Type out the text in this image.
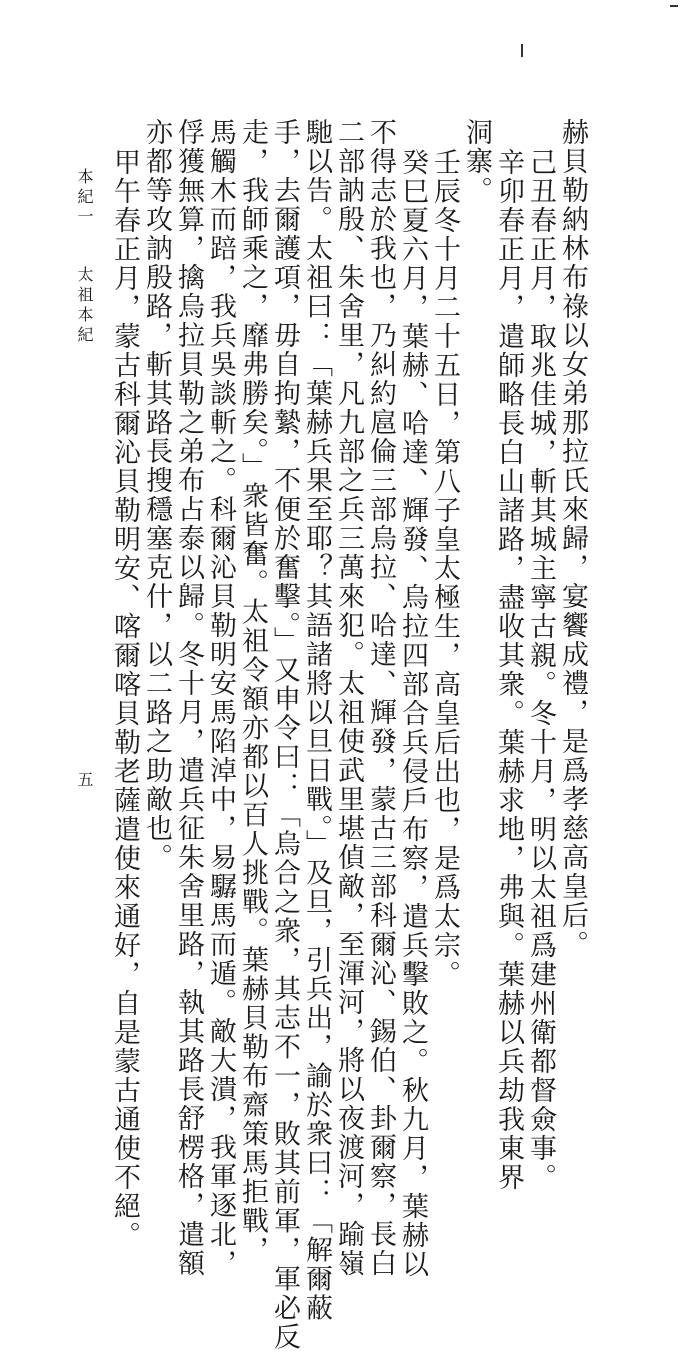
赫貝勒納林布祿以女弟那拉氏來歸，宴饗成禮，是爲孝慈高皇后。
己丑春正月，取兆佳城，斬其城主寧古親。冬十月，明以太祖爲建州衛都督僉事。
辛卯春正月，遣師略長白山諸路，盡收其衆。葉赫求地，弗與。葉赫以兵劫我東界
洞寨。
壬辰冬十月二十五日，第八子皇太極生，高皇后出也，是爲太宗。
癸巳夏六月，葉赫、哈達、輝發、烏拉四部合兵侵戶布察，遣兵擊敗之。秋九月，葉赫以
不得志於我也，乃糾約扈倫三部烏拉、哈達、輝發，蒙古三部科爾沁、錫伯、卦爾察，長白
二部訥殷、朱舍里，凡九部之兵三萬來犯。太祖使武里堪偵敵，至渾河，將以夜渡河，踰嶺
馳以告。太祖曰：「葉赫兵果至耶？其語諸將以旦日戰。」及旦，引兵出，諭於衆曰：「解爾蔽
手，去爾護項，毋自拘縶，不便於奮擊。」又申令曰：「烏合之衆，其志不一，敗其前軍，軍必反
走，我師乘之，靡弗勝矣。」衆皆奮。太祖令額亦都以百人挑戰。葉赫貝勒布齋策馬拒戰，
馬觸木而踣，我兵吳談斬之。科爾沁貝勒明安馬陷淖中，易驏馬而遁。敵大潰，我軍逐北，
俘獲無算，擒烏拉貝勒之弟布占泰以歸。冬十月，遣兵征朱舍里路，執其路長舒楞格，遣額
亦都等攻訥殷路，斬其路長搜穩塞克什，以二路之助敵也。
甲午春正月，蒙古科爾沁貝勒明安、喀爾喀貝勒老薩遣使來通好，自是蒙古通使不絕。
本紀一
太祖本紀
五
